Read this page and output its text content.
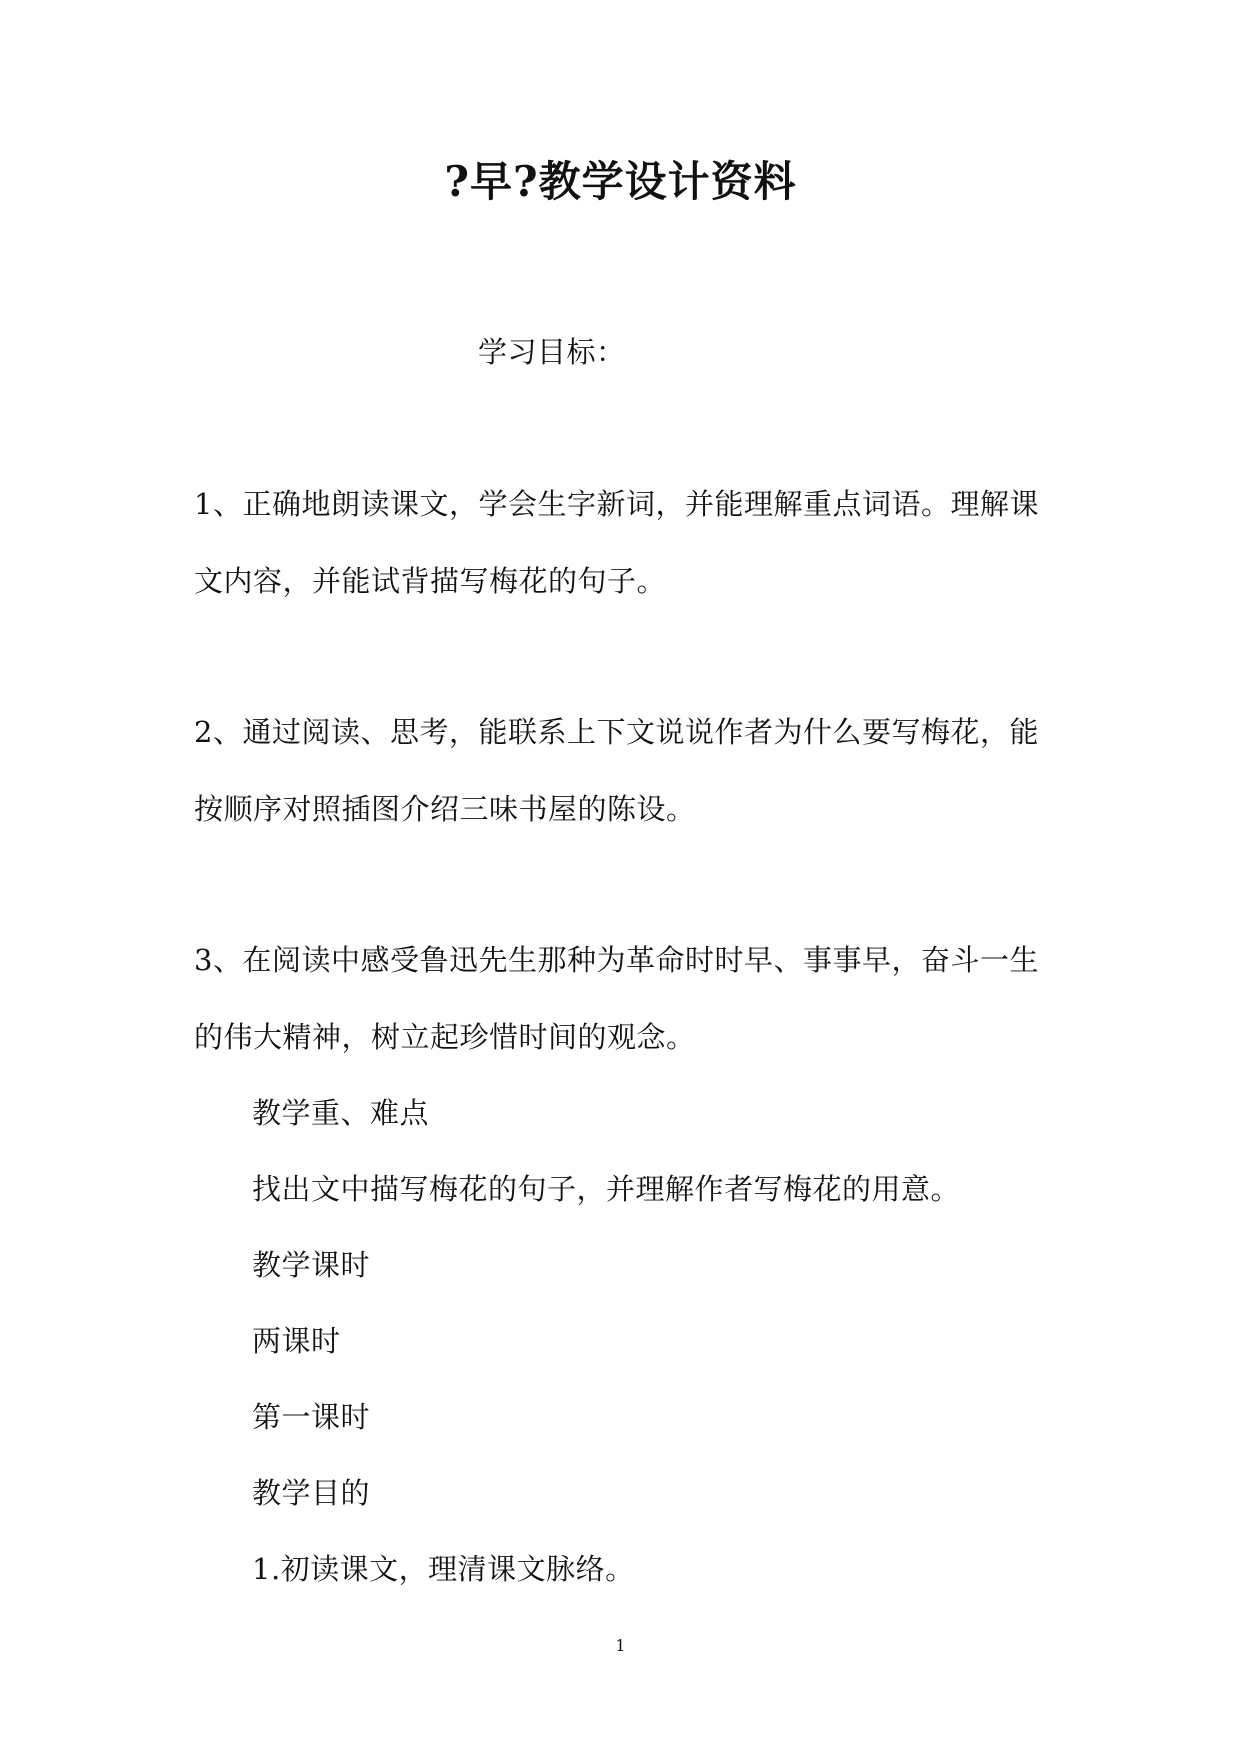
?早?教学设计资料
学习目标：
1、正确地朗读课文，学会生字新词，并能理解重点词语。理解课
文内容，并能试背描写梅花的句子。
2、通过阅读、思考，能联系上下文说说作者为什么要写梅花，能
按顺序对照插图介绍三味书屋的陈设。
3、在阅读中感受鲁迅先生那种为革命时时早、事事早，奋斗一生
的伟大精神，树立起珍惜时间的观念。
教学重、难点
找出文中描写梅花的句子，并理解作者写梅花的用意。
教学课时
两课时
第一课时
教学目的
1.初读课文，理清课文脉络。
1
